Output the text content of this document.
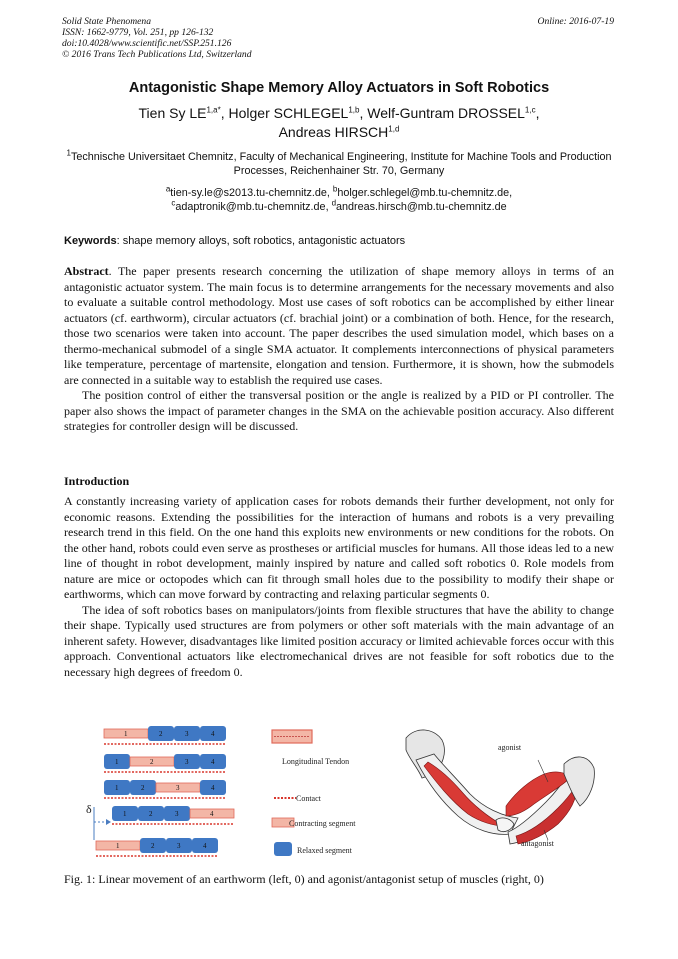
Solid State Phenomena
ISSN: 1662-9779, Vol. 251, pp 126-132
doi:10.4028/www.scientific.net/SSP.251.126
© 2016 Trans Tech Publications Ltd, Switzerland
Online: 2016-07-19
Antagonistic Shape Memory Alloy Actuators in Soft Robotics
Tien Sy $LE^{1,a*}$, Holger SCHLEGEL$^{1,b}$, Welf-Guntram DROSSEL$^{1,c}$,
Andreas HIRSCH$^{1,d}$
$^1$Technische Universitaet Chemnitz, Faculty of Mechanical Engineering, Institute for Machine Tools and Production Processes, Reichenhainer Str. 70, Germany
$^a$tien-sy.le@s2013.tu-chemnitz.de, $^b$holger.schlegel@mb.tu-chemnitz.de,
$^c$adaptronik@mb.tu-chemnitz.de, $^d$andreas.hirsch@mb.tu-chemnitz.de
Keywords: shape memory alloys, soft robotics, antagonistic actuators

Abstract. The paper presents research concerning the utilization of shape memory alloys in terms of an antagonistic actuator system. The main focus is to determine arrangements for the necessary movements and also to evaluate a suitable control methodology. Most use cases of soft robotics can be accomplished by either linear actuators (cf. earthworm), circular actuators (cf. brachial joint) or a combination of both. Hence, for the research, those two scenarios were taken into account. The paper describes the used simulation model, which bases on a thermo-mechanical submodel of a single SMA actuator. It complements interconnections of physical parameters like temperature, percentage of martensite, elongation and tension. Furthermore, it is shown, how the submodels are connected in a suitable way to establish the required use cases.

The position control of either the transversal position or the angle is realized by a PID or PI controller. The paper also shows the impact of parameter changes in the SMA on the achievable position accuracy. Also different strategies for controller design will be discussed.

Introduction

A constantly increasing variety of application cases for robots demands their further development, not only for economic reasons. Extending the possibilities for the interaction of humans and robots is a very prevailing research trend in this field. On the one hand this exploits new environments or new conditions for the robots. On the other hand, robots could even serve as prostheses or artificial muscles for humans. All those ideas led to a new line of thought in robot development, mainly inspired by nature and called soft robotics 0. Role models from nature are mice or octopodes which can fit through small holes due to the possibility to modify their shape or earthworms, which can move forward by contracting and relaxing particular segments 0.

The idea of soft robotics bases on manipulators/joints from flexible structures that have the ability to change their shape. Typically used structures are from polymers or other soft materials with the main advantage of an inherent safety. However, disadvantages like limited position accuracy or limited achievable forces occur with this approach. Conventional actuators like electromechanical drives are not feasible for soft robotics due to the necessary high degrees of freedom 0.

1	2	3	4
1	2	3	4
1	2	3	4
1	2	3	4
1	2	3	4
δ
Longitudinal Tendon
Contact
Contracting segment
Relaxed segment
agonist
antagonist
Fig. 1: Linear movement of an earthworm (left, 0) and agonist/antagonist setup of muscles (right, 0)
